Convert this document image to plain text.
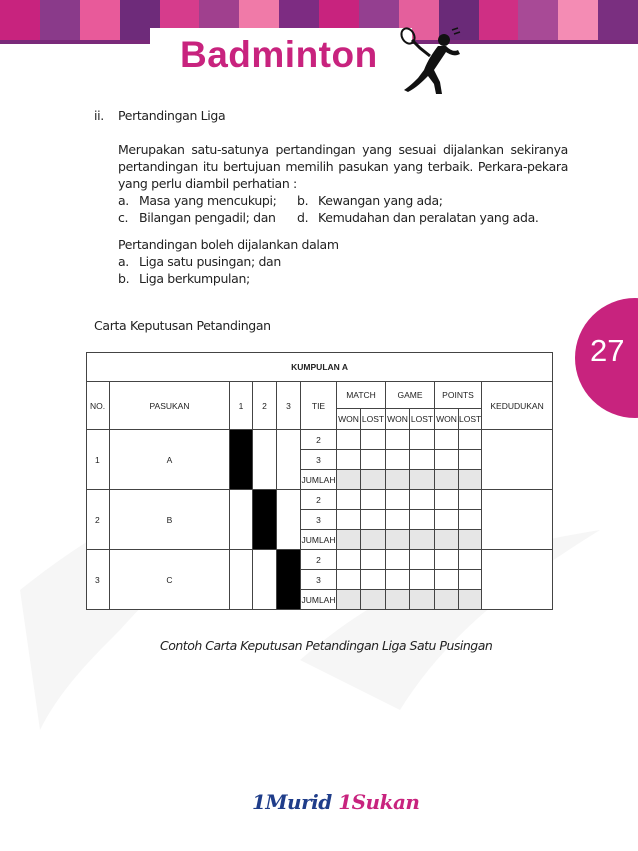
Badminton
27
ii. Pertandingan Liga
Merupakan satu-satunya pertandingan yang sesuai dijalankan sekiranya
pertandingan itu bertujuan memilih pasukan yang terbaik. Perkara-pekara
yang perlu diambil perhatian :
a. Masa yang mencukupi; b. Kewangan yang ada;
c. Bilangan pengadil; dan d. Kemudahan dan peralatan yang ada.
Pertandingan boleh dijalankan dalam
a. Liga satu pusingan; dan
b. Liga berkumpulan;
Carta Keputusan Petandingan
KUMPULAN A												
NO.	PASUKAN	1	2	3	TIE	MATCH		GAME		POINTS		KEDUDUKAN
						WON	LOST	WON	LOST	WON	LOST	
1	A				2							
					3							
					JUMLAH							
2	B				2							
					3							
					JUMLAH							
3	C				2							
					3							
					JUMLAH							
Contoh Carta Keputusan Petandingan Liga Satu Pusingan
1Murid 1Sukan
